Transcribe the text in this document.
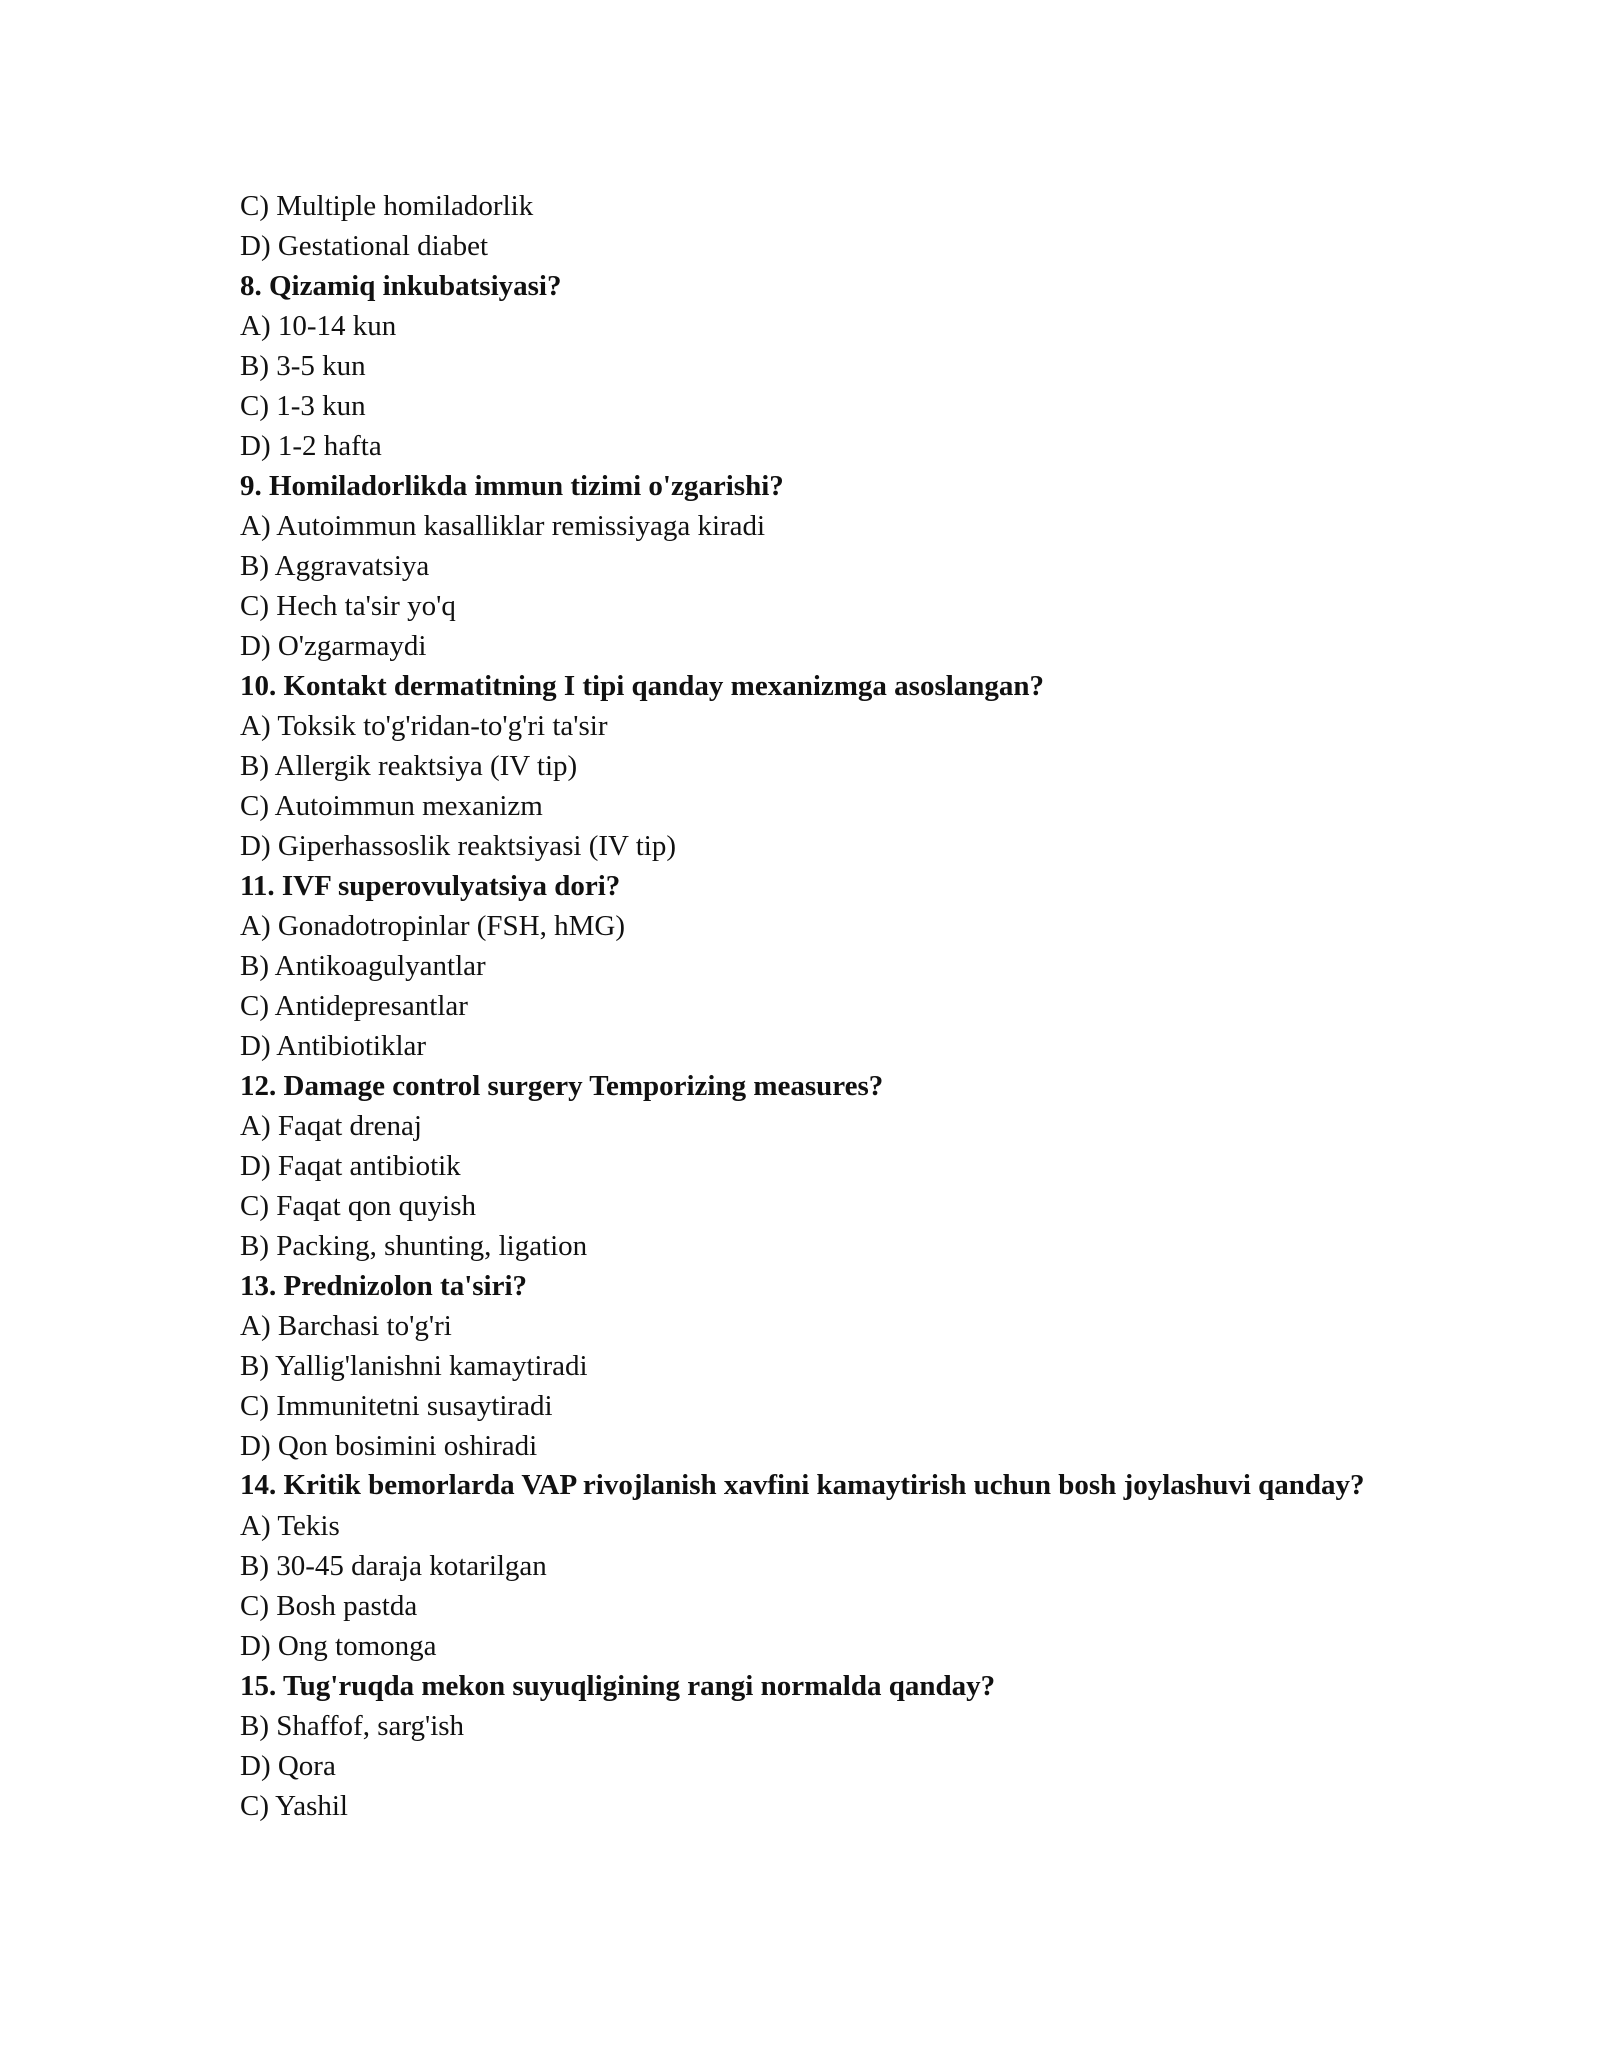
C) Multiple homiladorlik
D) Gestational diabet
8. Qizamiq inkubatsiyasi?
A) 10-14 kun
B) 3-5 kun
C) 1-3 kun
D) 1-2 hafta
9. Homiladorlikda immun tizimi o'zgarishi?
A) Autoimmun kasalliklar remissiyaga kiradi
B) Aggravatsiya
C) Hech ta'sir yo'q
D) O'zgarmaydi
10. Kontakt dermatitning I tipi qanday mexanizmga asoslangan?
A) Toksik to'g'ridan-to'g'ri ta'sir
B) Allergik reaktsiya (IV tip)
C) Autoimmun mexanizm
D) Giperhassoslik reaktsiyasi (IV tip)
11. IVF superovulyatsiya dori?
A) Gonadotropinlar (FSH, hMG)
B) Antikoagulyantlar
C) Antidepresantlar
D) Antibiotiklar
12. Damage control surgery Temporizing measures?
A) Faqat drenaj
D) Faqat antibiotik
C) Faqat qon quyish
B) Packing, shunting, ligation
13. Prednizolon ta'siri?
A) Barchasi to'g'ri
B) Yallig'lanishni kamaytiradi
C) Immunitetni susaytiradi
D) Qon bosimini oshiradi
14. Kritik bemorlarda VAP rivojlanish xavfini kamaytirish uchun bosh joylashuvi qanday?
A) Tekis
B) 30-45 daraja kotarilgan
C) Bosh pastda
D) Ong tomonga
15. Tug'ruqda mekon suyuqligining rangi normalda qanday?
B) Shaffof, sarg'ish
D) Qora
C) Yashil
